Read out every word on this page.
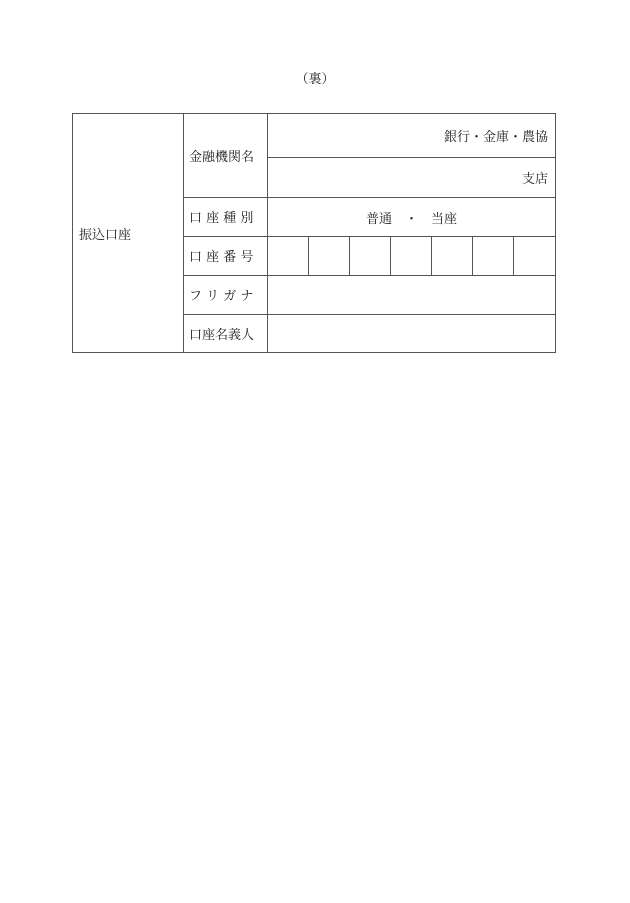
（裏）
振込口座
金融機関名
口 座 種 別
口 座 番 号
フ リ ガ ナ
口座名義人
銀行・金庫・農協
支店
普通　・　当座
